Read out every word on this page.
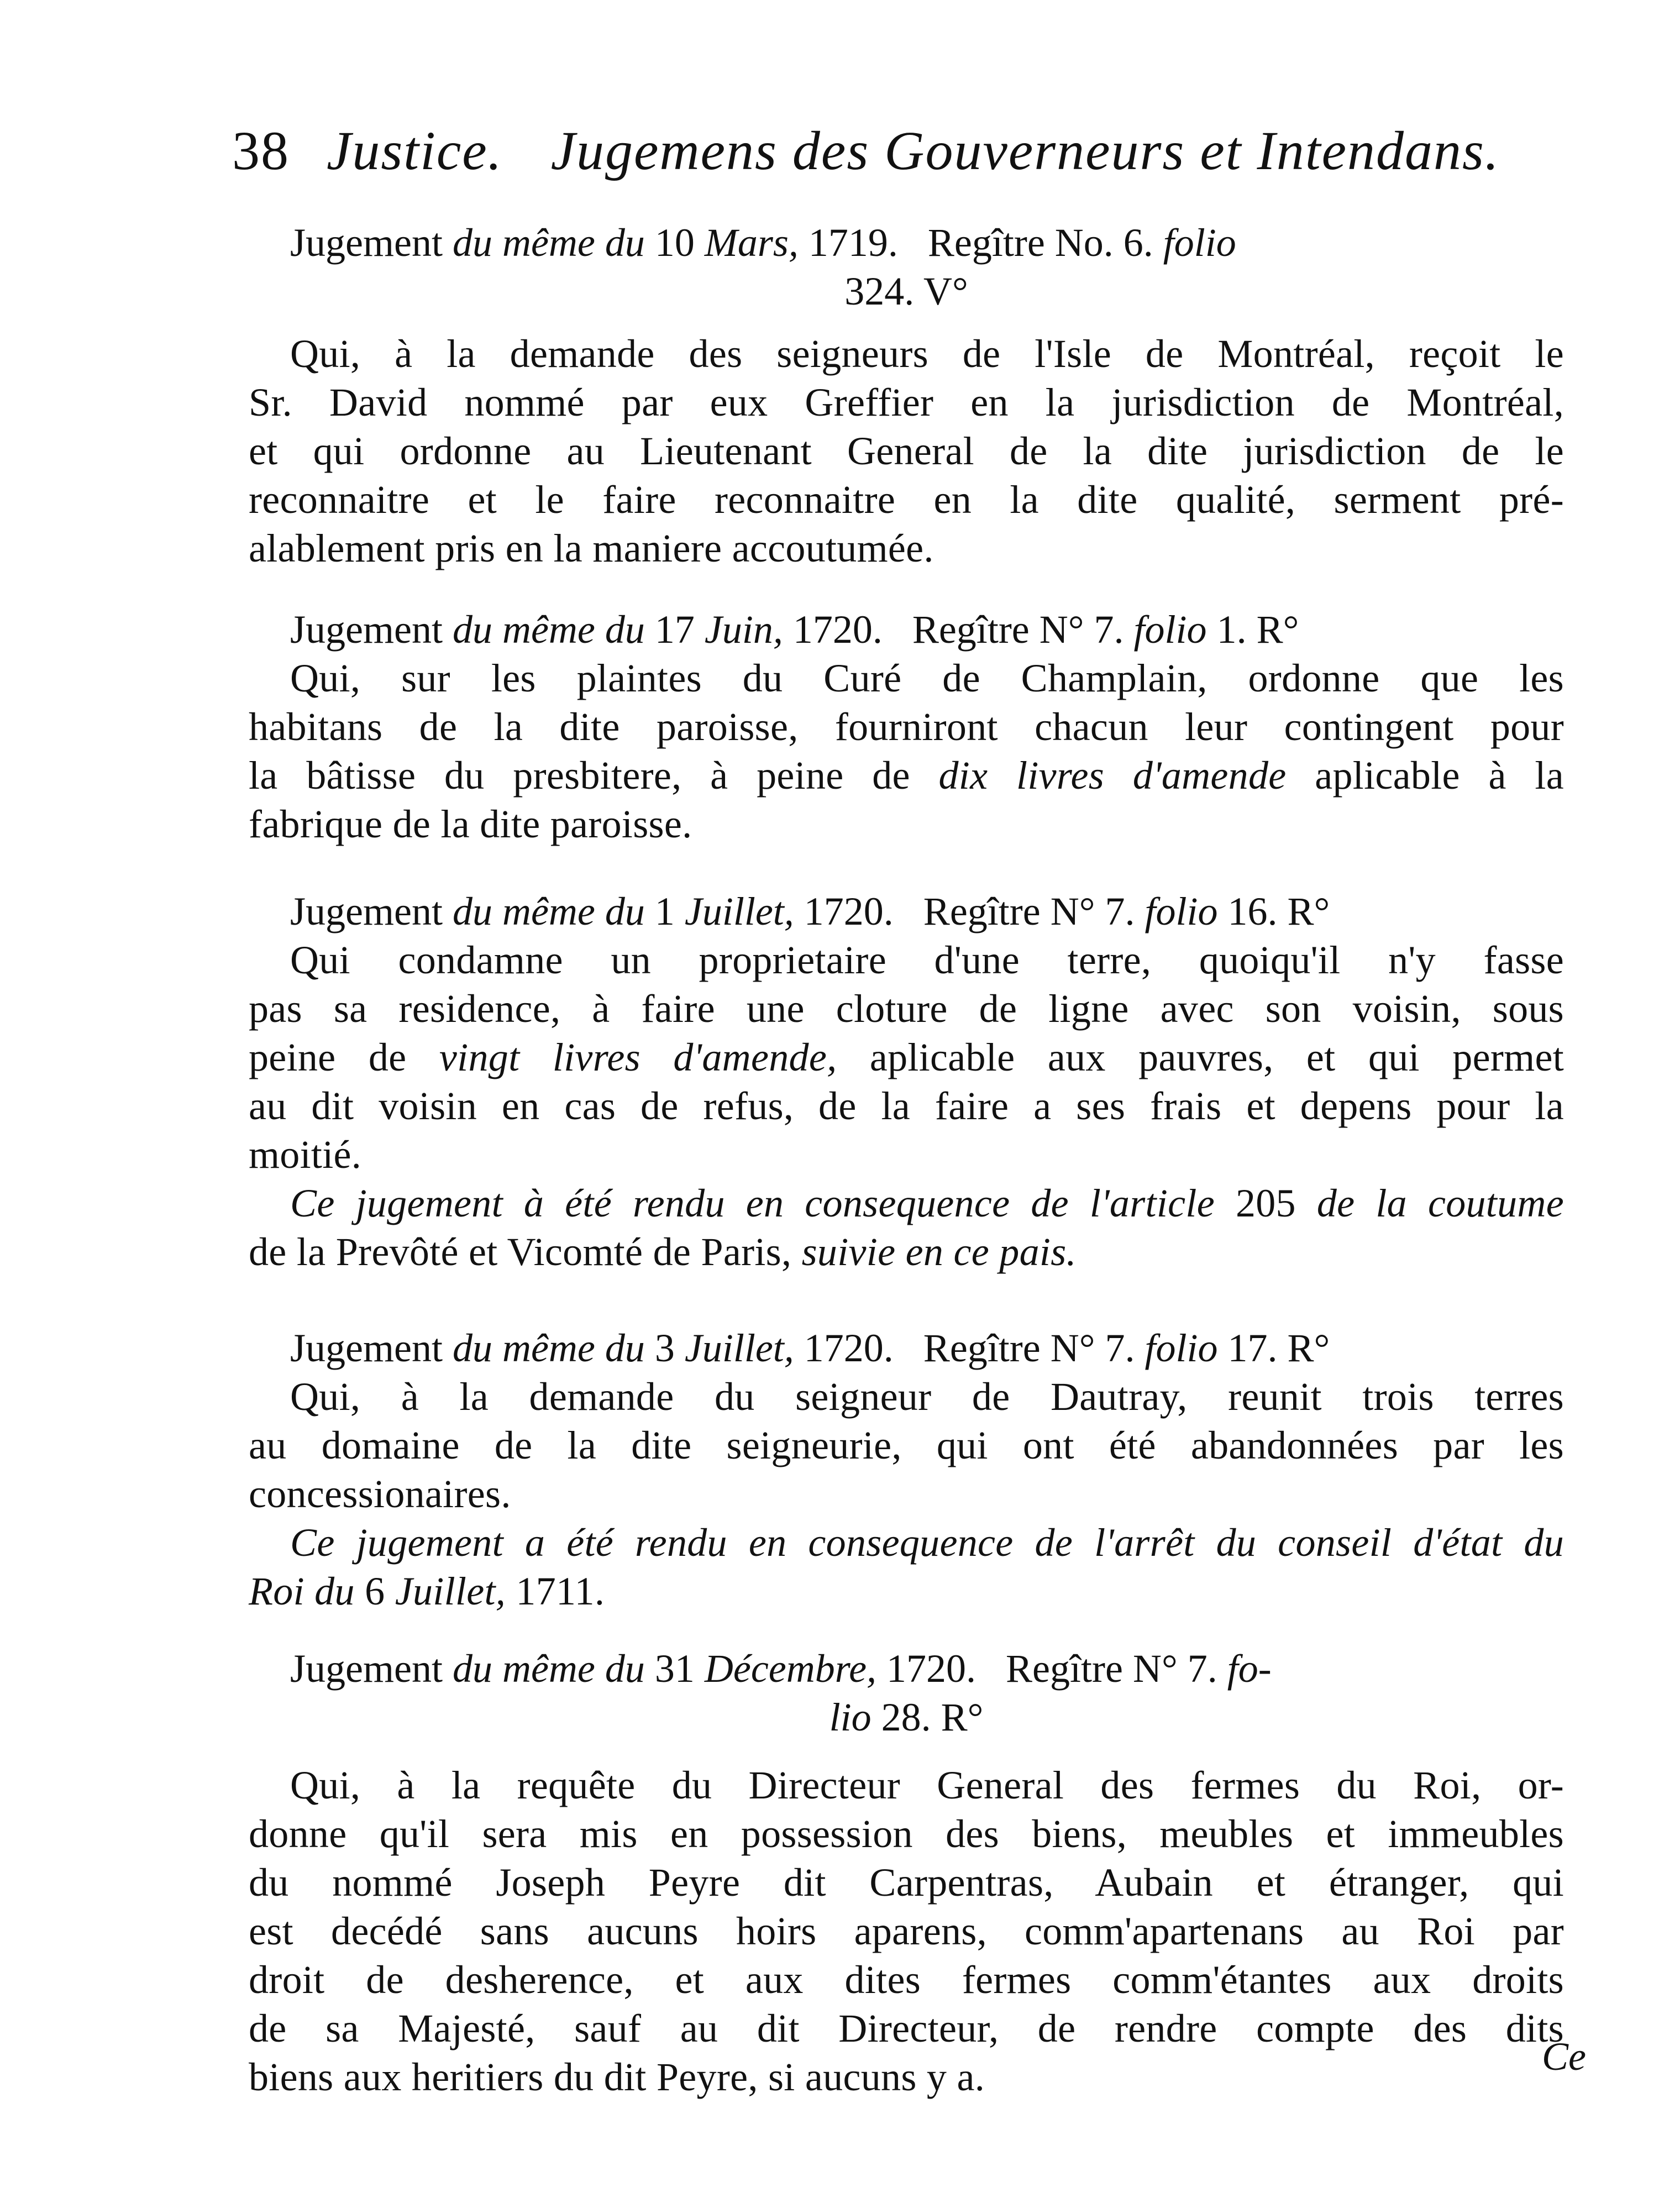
38 Justice. Jugemens des Gouverneurs et Intendans.
Jugement du même du 10 Mars, 1719. Regître No. 6. folio
324. V°
Qui, à la demande des seigneurs de l'Isle de Montréal, reçoit le
Sr. David nommé par eux Greffier en la jurisdiction de Montréal,
et qui ordonne au Lieutenant General de la dite jurisdiction de le
reconnaitre et le faire reconnaitre en la dite qualité, serment pré-
alablement pris en la maniere accoutumée.
Jugement du même du 17 Juin, 1720. Regître N° 7. folio 1. R°
Qui, sur les plaintes du Curé de Champlain, ordonne que les
habitans de la dite paroisse, fourniront chacun leur contingent pour
la bâtisse du presbitere, à peine de dix livres d'amende aplicable à la
fabrique de la dite paroisse.
Jugement du même du 1 Juillet, 1720. Regître N° 7. folio 16. R°
Qui condamne un proprietaire d'une terre, quoiqu'il n'y fasse
pas sa residence, à faire une cloture de ligne avec son voisin, sous
peine de vingt livres d'amende, aplicable aux pauvres, et qui permet
au dit voisin en cas de refus, de la faire a ses frais et depens pour la
moitié.
Ce jugement à été rendu en consequence de l'article 205 de la coutume
de la Prevôté et Vicomté de Paris, suivie en ce pais.
Jugement du même du 3 Juillet, 1720. Regître N° 7. folio 17. R°
Qui, à la demande du seigneur de Dautray, reunit trois terres
au domaine de la dite seigneurie, qui ont été abandonnées par les
concessionaires.
Ce jugement a été rendu en consequence de l'arrêt du conseil d'état du
Roi du 6 Juillet, 1711.
Jugement du même du 31 Décembre, 1720. Regître N° 7. fo-
lio 28. R°
Qui, à la requête du Directeur General des fermes du Roi, or-
donne qu'il sera mis en possession des biens, meubles et immeubles
du nommé Joseph Peyre dit Carpentras, Aubain et étranger, qui
est decédé sans aucuns hoirs aparens, comm'apartenans au Roi par
droit de desherence, et aux dites fermes comm'étantes aux droits
de sa Majesté, sauf au dit Directeur, de rendre compte des dits
biens aux heritiers du dit Peyre, si aucuns y a.	Ce
